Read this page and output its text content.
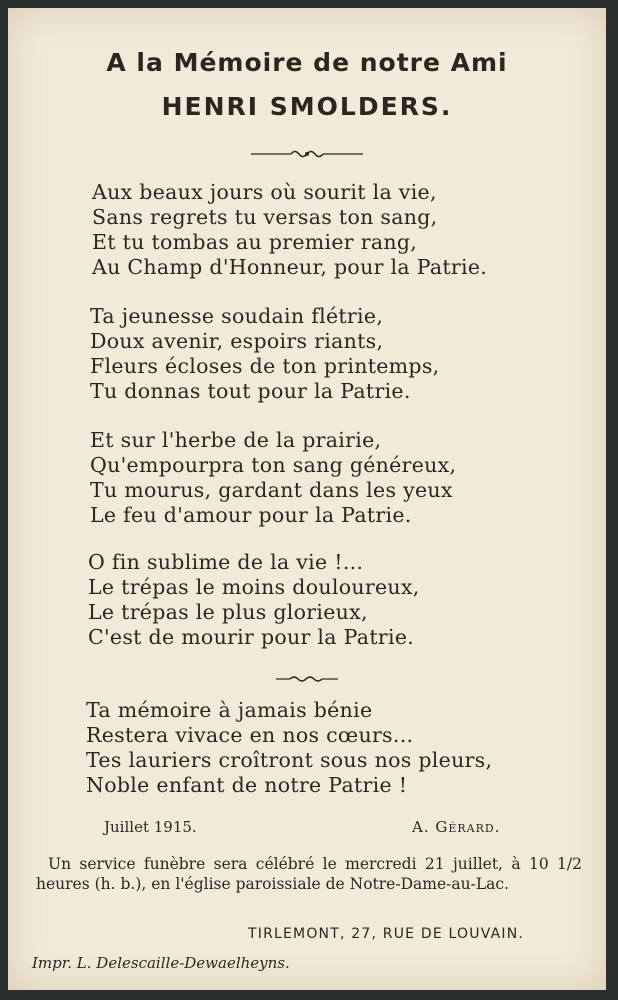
A la Mémoire de notre Ami
HENRI SMOLDERS.
Aux beaux jours où sourit la vie,
Sans regrets tu versas ton sang,
Et tu tombas au premier rang,
Au Champ d'Honneur, pour la Patrie.
Ta jeunesse soudain flétrie,
Doux avenir, espoirs riants,
Fleurs écloses de ton printemps,
Tu donnas tout pour la Patrie.
Et sur l'herbe de la prairie,
Qu'empourpra ton sang généreux,
Tu mourus, gardant dans les yeux
Le feu d'amour pour la Patrie.
O fin sublime de la vie !...
Le trépas le moins douloureux,
Le trépas le plus glorieux,
C'est de mourir pour la Patrie.
Ta mémoire à jamais bénie
Restera vivace en nos cœurs...
Tes lauriers croîtront sous nos pleurs,
Noble enfant de notre Patrie !
Juillet 1915.	A. Gérard.
Un service funèbre sera célébré le mercredi 21 juillet, à 10 1/2 heures (h. b.), en l'église paroissiale de Notre-Dame-au-Lac.
TIRLEMONT, 27, RUE DE LOUVAIN.
Impr. L. Delescaille-Dewaelheyns.
